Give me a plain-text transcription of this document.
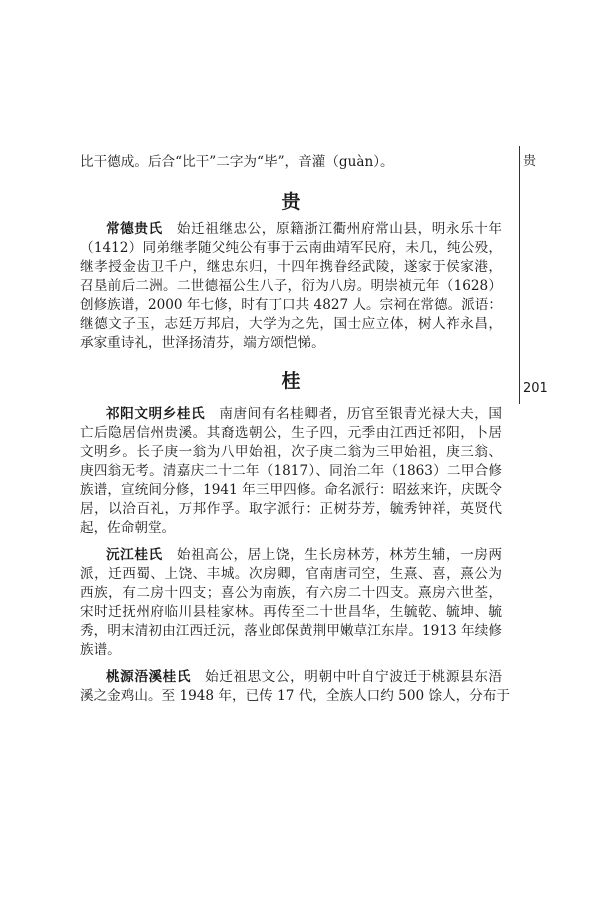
贵
201
比干德成。后合“比干”二字为“毕”，音灌（guàn）。
贵
常德贵氏　 始迁祖继忠公，原籍浙江衢州府常山县，明永乐十年
（1412）同弟继孝随父纯公有事于云南曲靖军民府，未几，纯公殁，
继孝授金齿卫千户，继忠东归，十四年携眷经武陵，遂家于侯家港，
召垦前后二洲。二世德福公生八子，衍为八房。明崇祯元年（1628）
创修族谱，2000 年七修，时有丁口共 4827 人。宗祠在常德。派语：
继德文子玉，志廷万邦启，大学为之先，国士应立体，树人祚永昌，
承家重诗礼，世泽扬清芬，端方颂恺悌。
桂
祁阳文明乡桂氏　 南唐间有名桂卿者，历官至银青光禄大夫，国
亡后隐居信州贵溪。其裔选朝公，生子四，元季由江西迁祁阳，卜居
文明乡。长子庚一翁为八甲始祖，次子庚二翁为三甲始祖，庚三翁、
庚四翁无考。清嘉庆二十二年（1817）、同治二年（1863）二甲合修
族谱，宣统间分修，1941 年三甲四修。命名派行：昭兹来许，庆既令
居，以洽百礼，万邦作孚。取字派行：正树芬芳，毓秀钟祥，英贤代
起，佐命朝堂。
沅江桂氏　 始祖高公，居上饶，生长房林芳，林芳生辅，一房两
派，迁西蜀、上饶、丰城。次房卿，官南唐司空，生熹、喜，熹公为
西族，有二房十四支；喜公为南族，有六房二十四支。熹房六世荃，
宋时迁抚州府临川县桂家林。再传至二十世昌华，生毓乾、毓坤、毓
秀，明末清初由江西迁沅，落业郎保黄荆甲嫩草江东岸。1913 年续修
族谱。
桃源浯溪桂氏　 始迁祖思文公，明朝中叶自宁波迁于桃源县东浯
溪之金鸡山。至 1948 年，已传 17 代，全族人口约 500 馀人，分布于
